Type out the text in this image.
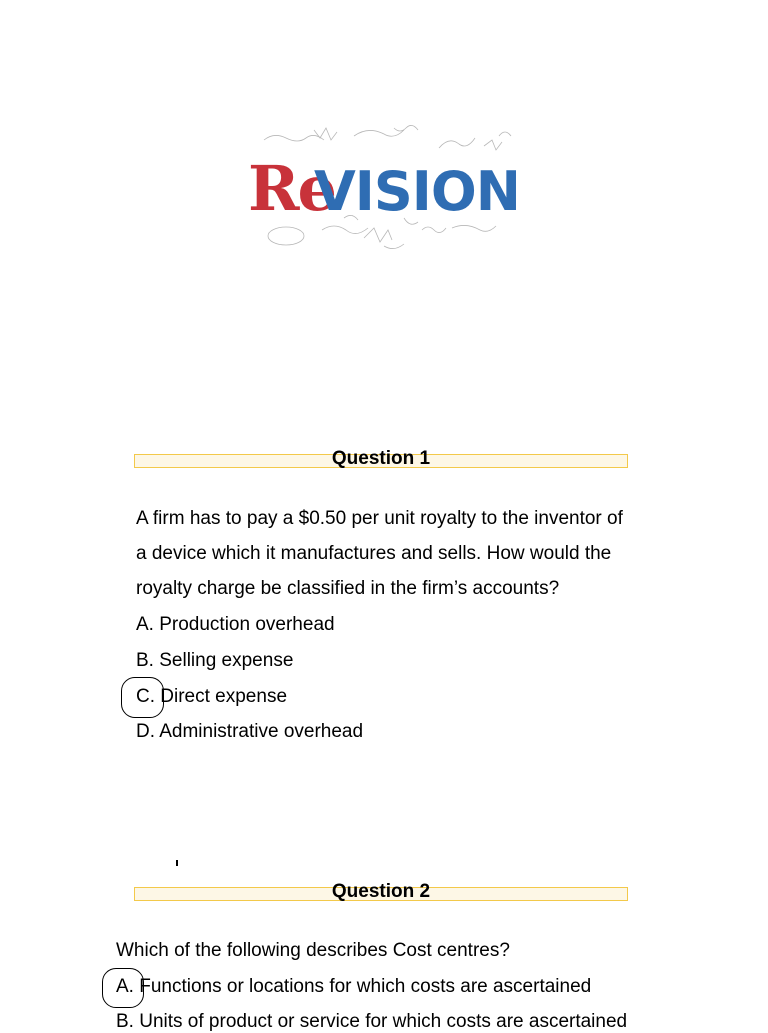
Re
VISION
Question 1
A firm has to pay a $0.50 per unit royalty to the inventor of
a device which it manufactures and sells. How would the
royalty charge be classified in the firm’s accounts?
A. Production overhead
B. Selling expense
C. Direct expense
D. Administrative overhead
Question 2
Which of the following describes Cost centres?
A. Functions or locations for which costs are ascertained
B. Units of product or service for which costs are ascertained
